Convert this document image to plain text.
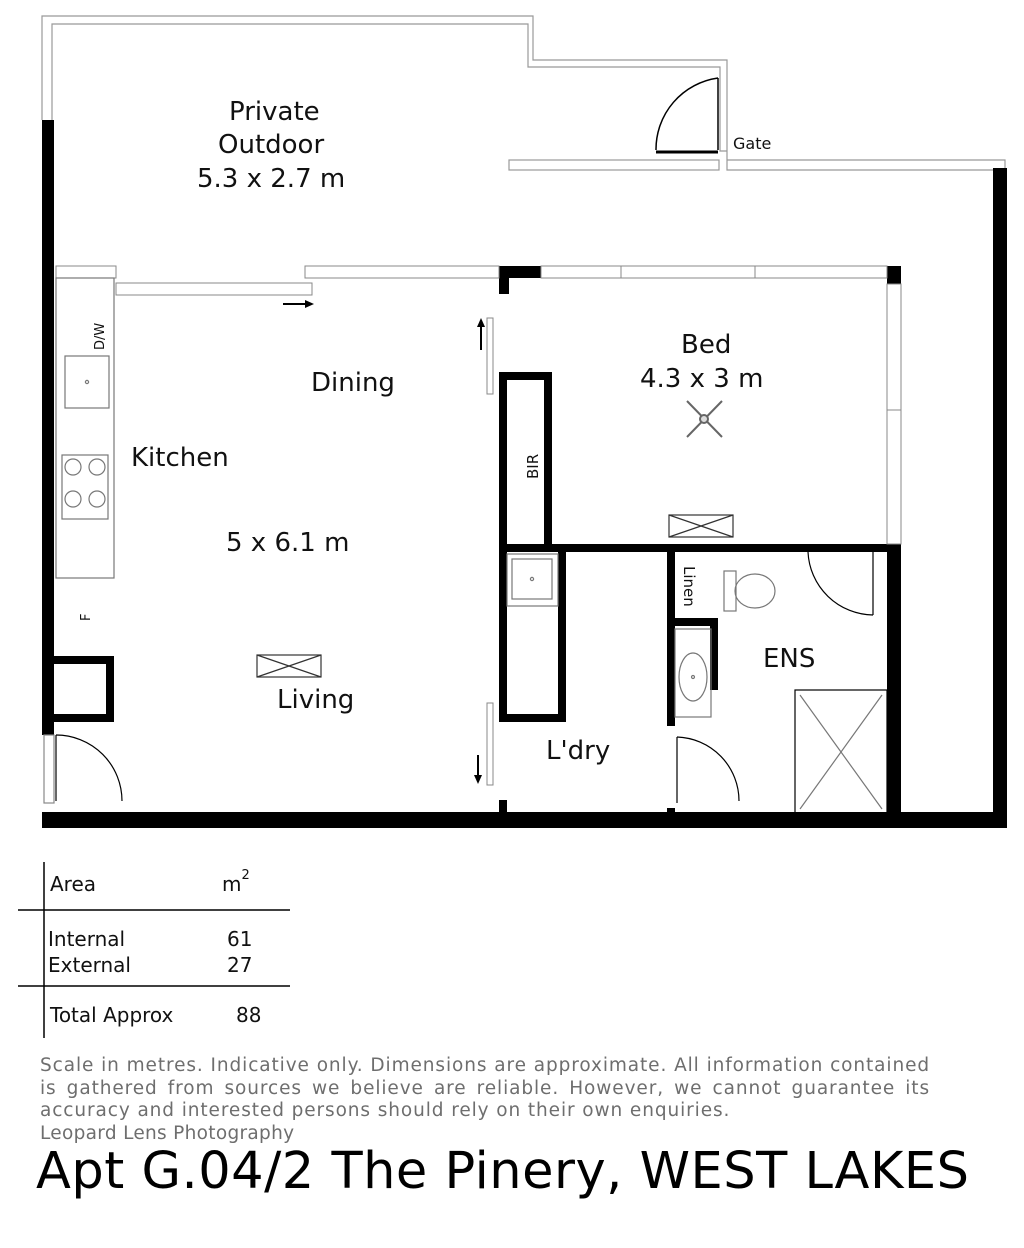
Private
Outdoor
5.3 x 2.7 m
Gate
D/W
Dining
Kitchen
5 x 6.1 m
F
Living
Bed
4.3 x 3 m
BIR
Linen
ENS
L'dry
Area	$m^2$
Internal	61
External	27
Total Approx	88
Scale in metres. Indicative only. Dimensions are approximate. All information contained is gathered from sources we believe are reliable. However, we cannot guarantee its accuracy and interested persons should rely on their own enquiries.
Leopard Lens Photography
Apt G.04/2 The Pinery, WEST LAKES
